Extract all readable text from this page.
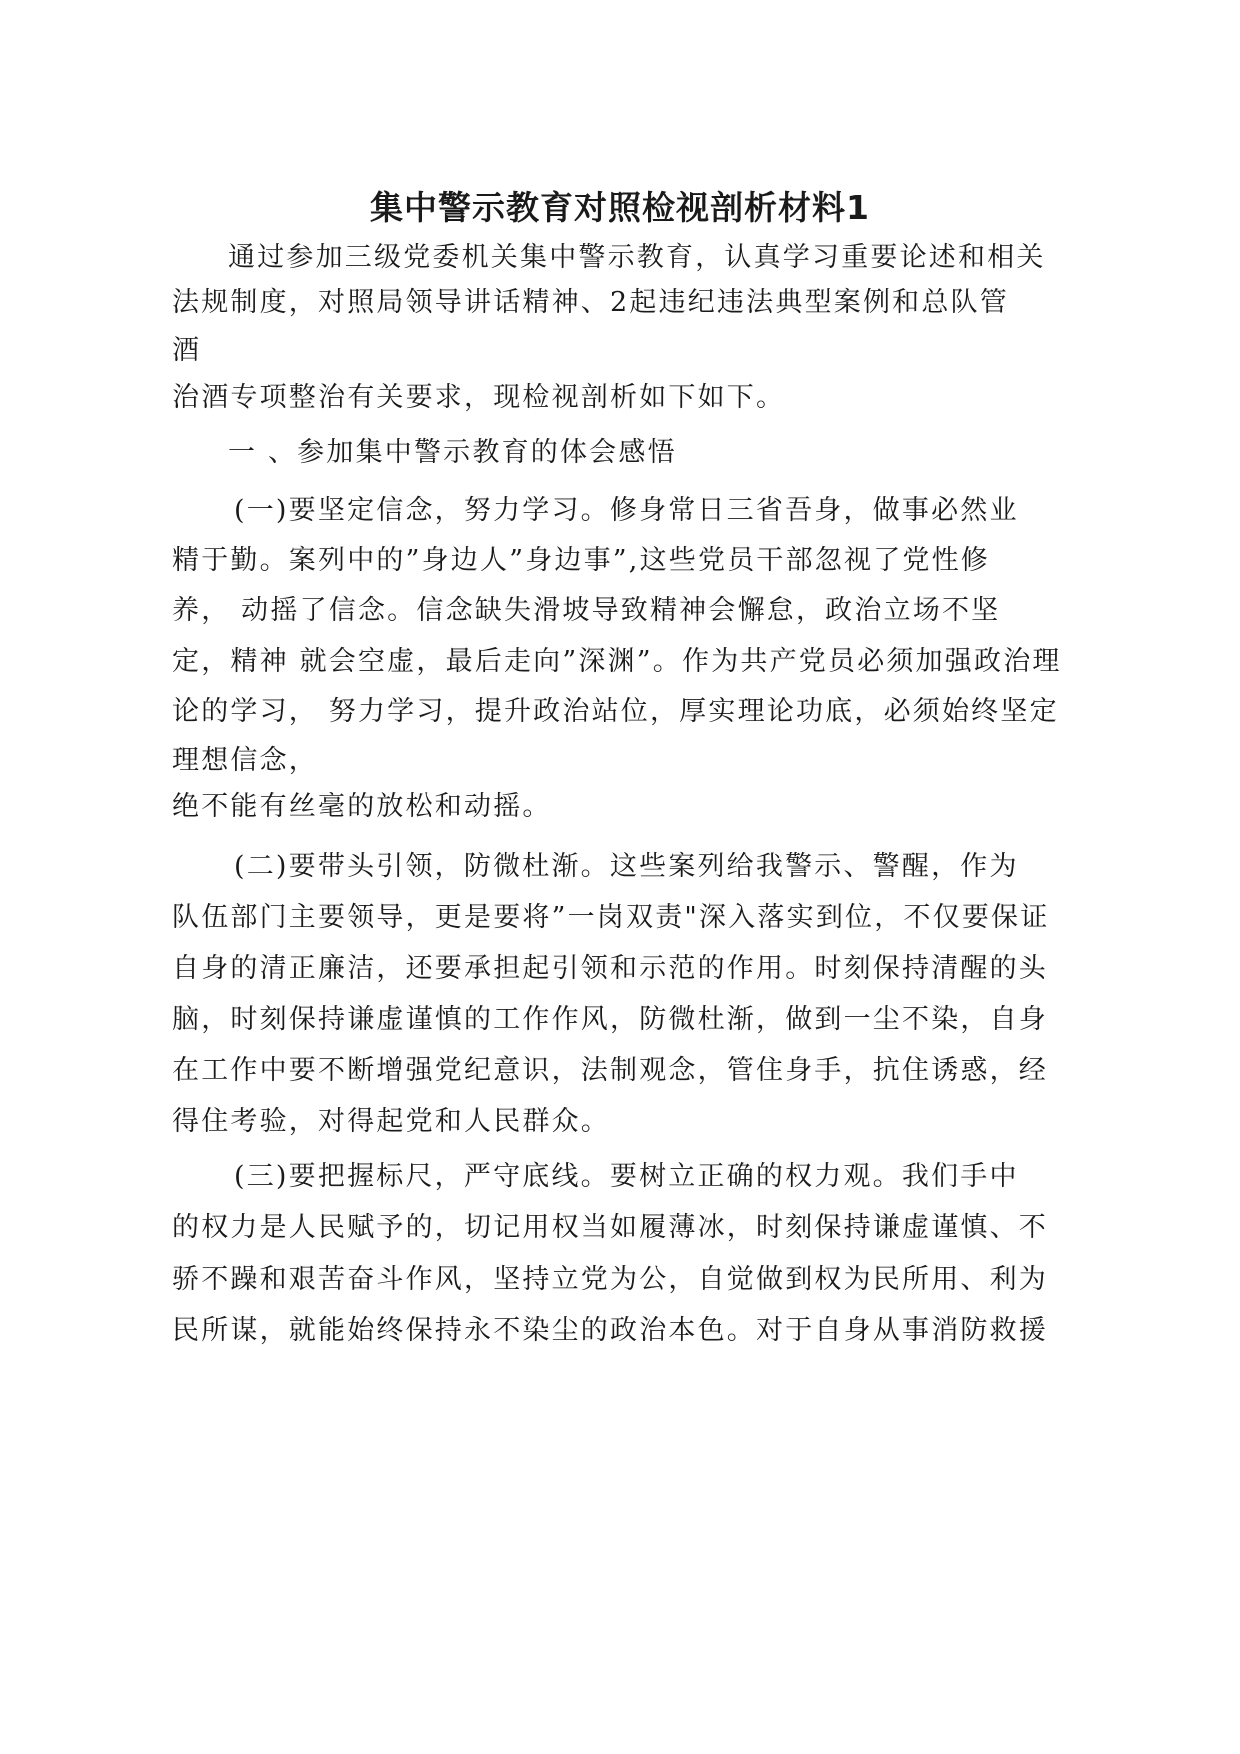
集中警示教育对照检视剖析材料1
通过参加三级党委机关集中警示教育，认真学习重要论述和相关
法规制度，对照局领导讲话精神、2起违纪违法典型案例和总队管
酒
治酒专项整治有关要求，现检视剖析如下如下。
一 、参加集中警示教育的体会感悟
(一)要坚定信念，努力学习。修身常日三省吾身，做事必然业
精于勤。案列中的”身边人”身边事”,这些党员干部忽视了党性修
养， 动摇了信念。信念缺失滑坡导致精神会懈怠，政治立场不坚
定，精神 就会空虚，最后走向”深渊”。作为共产党员必须加强政治理
论的学习， 努力学习，提升政治站位，厚实理论功底，必须始终坚定
理想信念，
绝不能有丝毫的放松和动摇。
(二)要带头引领，防微杜渐。这些案列给我警示、警醒，作为
队伍部门主要领导，更是要将”一岗双责"深入落实到位，不仅要保证
自身的清正廉洁，还要承担起引领和示范的作用。时刻保持清醒的头
脑，时刻保持谦虚谨慎的工作作风，防微杜渐，做到一尘不染，自身
在工作中要不断增强党纪意识，法制观念，管住身手，抗住诱惑，经
得住考验，对得起党和人民群众。
(三)要把握标尺，严守底线。要树立正确的权力观。我们手中
的权力是人民赋予的，切记用权当如履薄冰，时刻保持谦虚谨慎、不
骄不躁和艰苦奋斗作风，坚持立党为公，自觉做到权为民所用、利为
民所谋，就能始终保持永不染尘的政治本色。对于自身从事消防救援
